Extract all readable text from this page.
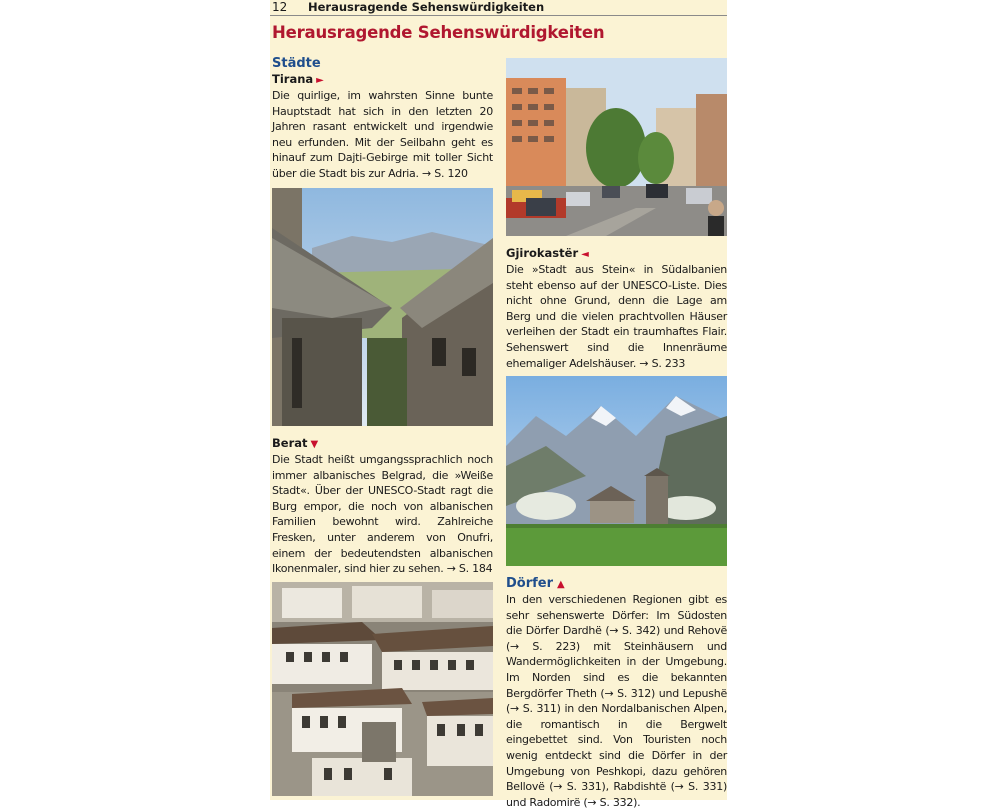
12 Herausragende Sehenswürdigkeiten
Herausragende Sehenswürdigkeiten
Städte
Tirana ►
Die quirlige, im wahrsten Sinne bunte Hauptstadt hat sich in den letzten 20 Jahren rasant entwickelt und irgendwie neu erfunden. Mit der Seilbahn geht es hinauf zum Dajti-Gebirge mit toller Sicht über die Stadt bis zur Adria. → S. 120
Berat ▼
Die Stadt heißt umgangssprachlich noch immer albanisches Belgrad, die »Weiße Stadt«. Über der UNESCO-Stadt ragt die Burg empor, die noch von albanischen Familien bewohnt wird. Zahlreiche Fresken, unter anderem von Onufri, einem der bedeutendsten albanischen Ikonenmaler, sind hier zu sehen. → S. 184
Gjirokastër ◄
Die »Stadt aus Stein« in Südalbanien steht ebenso auf der UNESCO-Liste. Dies nicht ohne Grund, denn die Lage am Berg und die vielen prachtvollen Häuser verleihen der Stadt ein traumhaftes Flair. Sehenswert sind die Innenräume ehemaliger Adelshäuser. → S. 233
Dörfer ▲
In den verschiedenen Regionen gibt es sehr sehenswerte Dörfer: Im Südosten die Dörfer Dardhë (→ S. 342) und Rehovë (→ S. 223) mit Steinhäusern und Wandermöglichkeiten in der Umgebung. Im Norden sind es die bekannten Bergdörfer Theth (→ S. 312) und Lepushë (→ S. 311) in den Nordalbanischen Alpen, die romantisch in die Bergwelt eingebettet sind. Von Touristen noch wenig entdeckt sind die Dörfer in der Umgebung von Peshkopi, dazu gehören Bellovë (→ S. 331), Rabdishtë (→ S. 331) und Radomirë (→ S. 332).
